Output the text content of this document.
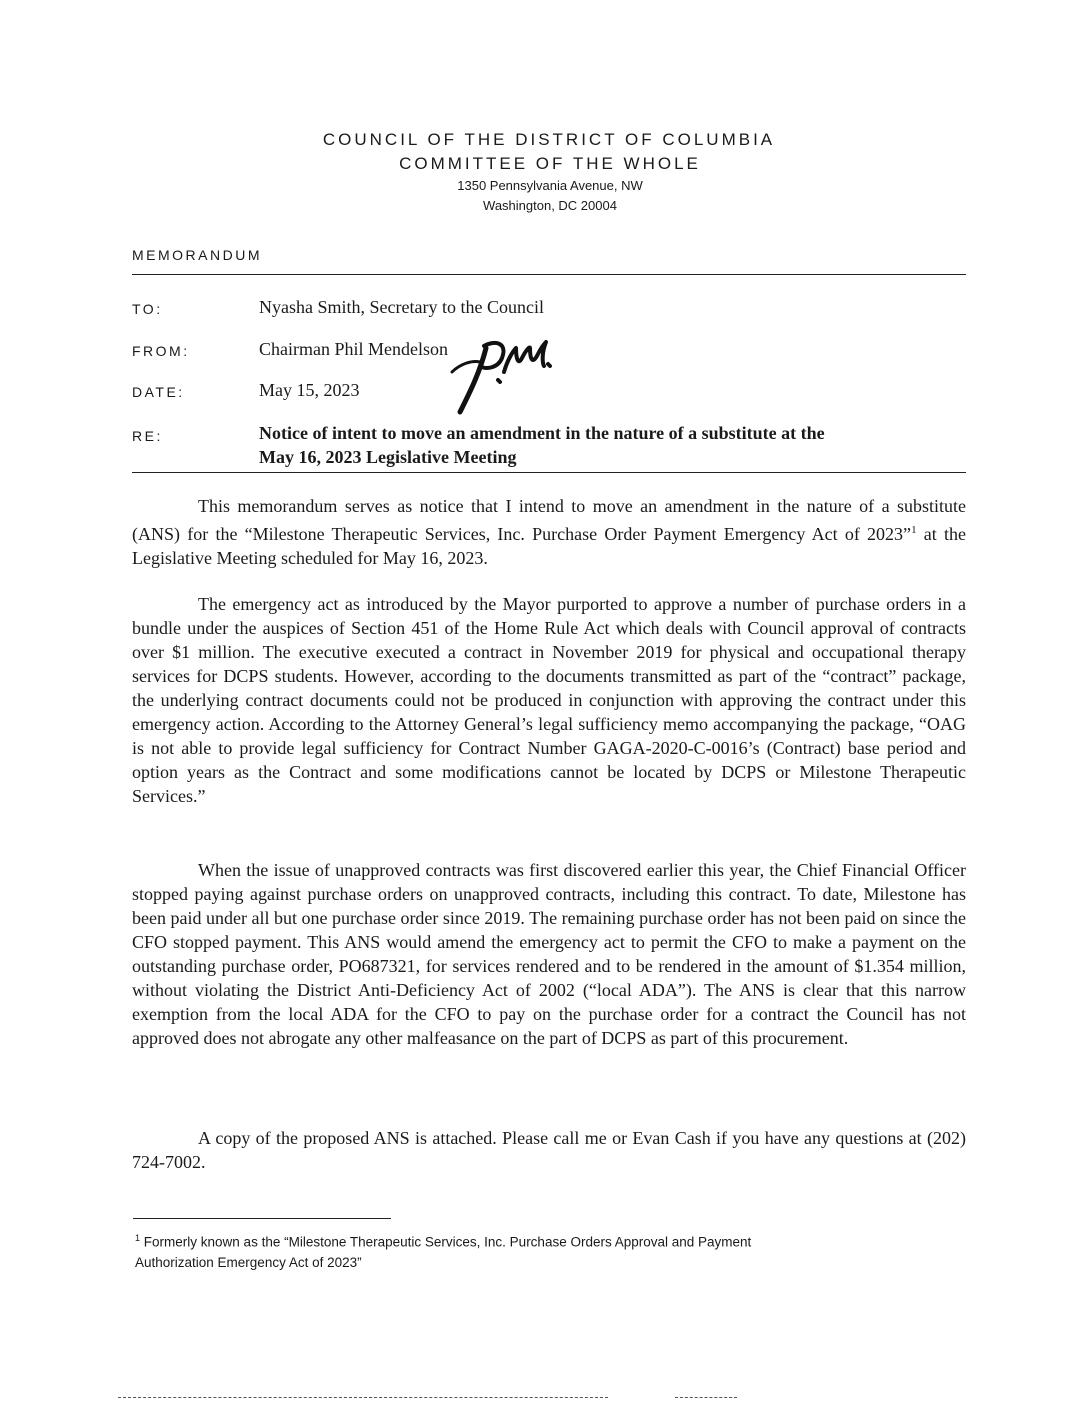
COUNCIL OF THE DISTRICT OF COLUMBIA
COMMITTEE OF THE WHOLE
1350 Pennsylvania Avenue, NW
Washington, DC 20004
MEMORANDUM
TO:	Nyasha Smith, Secretary to the Council
FROM:	Chairman Phil Mendelson
DATE:	May 15, 2023
RE:	Notice of intent to move an amendment in the nature of a substitute at the
May 16, 2023 Legislative Meeting

This memorandum serves as notice that I intend to move an amendment in the nature of a substitute (ANS) for the “Milestone Therapeutic Services, Inc. Purchase Order Payment Emergency Act of 2023”$^1$ at the Legislative Meeting scheduled for May 16, 2023.

The emergency act as introduced by the Mayor purported to approve a number of purchase orders in a bundle under the auspices of Section 451 of the Home Rule Act which deals with Council approval of contracts over $1 million. The executive executed a contract in November 2019 for physical and occupational therapy services for DCPS students. However, according to the documents transmitted as part of the “contract” package, the underlying contract documents could not be produced in conjunction with approving the contract under this emergency action. According to the Attorney General’s legal sufficiency memo accompanying the package, “OAG is not able to provide legal sufficiency for Contract Number GAGA-2020-C-0016’s (Contract) base period and option years as the Contract and some modifications cannot be located by DCPS or Milestone Therapeutic Services.”

When the issue of unapproved contracts was first discovered earlier this year, the Chief Financial Officer stopped paying against purchase orders on unapproved contracts, including this contract. To date, Milestone has been paid under all but one purchase order since 2019. The remaining purchase order has not been paid on since the CFO stopped payment. This ANS would amend the emergency act to permit the CFO to make a payment on the outstanding purchase order, PO687321, for services rendered and to be rendered in the amount of $1.354 million, without violating the District Anti-Deficiency Act of 2002 (“local ADA”). The ANS is clear that this narrow exemption from the local ADA for the CFO to pay on the purchase order for a contract the Council has not approved does not abrogate any other malfeasance on the part of DCPS as part of this procurement.

A copy of the proposed ANS is attached. Please call me or Evan Cash if you have any questions at (202) 724-7002.

$^1$ Formerly known as the “Milestone Therapeutic Services, Inc. Purchase Orders Approval and Payment
Authorization Emergency Act of 2023”
